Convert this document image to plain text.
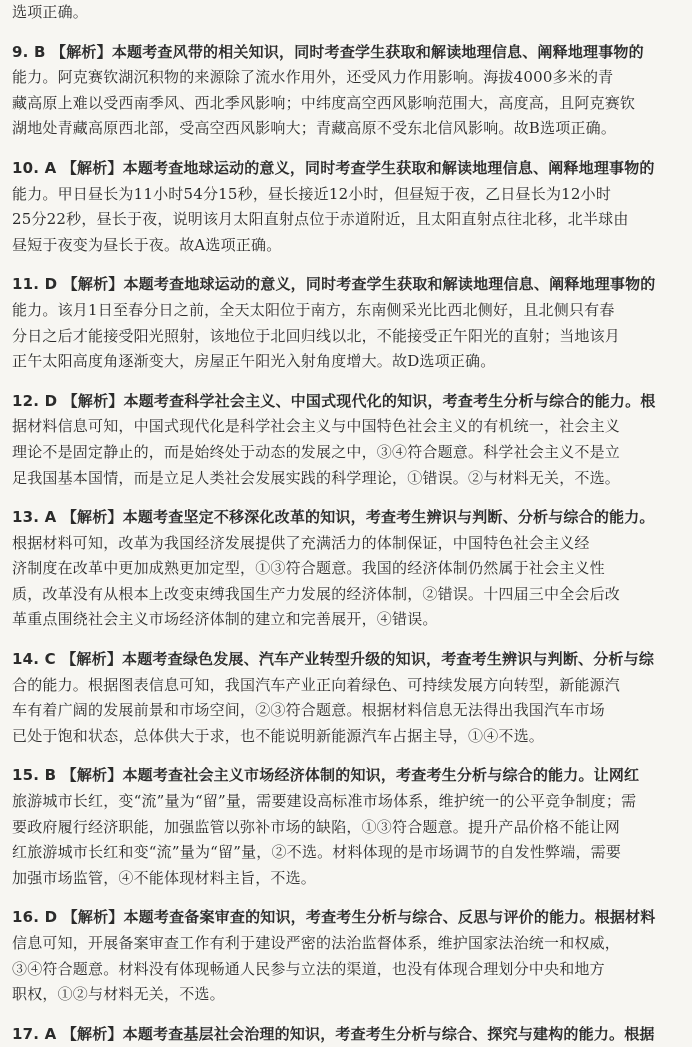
选项正确。
9. B 【解析】本题考查风带的相关知识，同时考查学生获取和解读地理信息、阐释地理事物的
能力。阿克赛钦湖沉积物的来源除了流水作用外，还受风力作用影响。海拔4000多米的青
藏高原上难以受西南季风、西北季风影响；中纬度高空西风影响范围大，高度高，且阿克赛钦
湖地处青藏高原西北部，受高空西风影响大；青藏高原不受东北信风影响。故B选项正确。
10. A 【解析】本题考查地球运动的意义，同时考查学生获取和解读地理信息、阐释地理事物的
能力。甲日昼长为11小时54分15秒，昼长接近12小时，但昼短于夜，乙日昼长为12小时
25分22秒，昼长于夜，说明该月太阳直射点位于赤道附近，且太阳直射点往北移，北半球由
昼短于夜变为昼长于夜。故A选项正确。
11. D 【解析】本题考查地球运动的意义，同时考查学生获取和解读地理信息、阐释地理事物的
能力。该月1日至春分日之前，全天太阳位于南方，东南侧采光比西北侧好，且北侧只有春
分日之后才能接受阳光照射，该地位于北回归线以北，不能接受正午阳光的直射；当地该月
正午太阳高度角逐渐变大，房屋正午阳光入射角度增大。故D选项正确。
12. D 【解析】本题考查科学社会主义、中国式现代化的知识，考查考生分析与综合的能力。根
据材料信息可知，中国式现代化是科学社会主义与中国特色社会主义的有机统一，社会主义
理论不是固定静止的，而是始终处于动态的发展之中，③④符合题意。科学社会主义不是立
足我国基本国情，而是立足人类社会发展实践的科学理论，①错误。②与材料无关，不选。
13. A 【解析】本题考查坚定不移深化改革的知识，考查考生辨识与判断、分析与综合的能力。
根据材料可知，改革为我国经济发展提供了充满活力的体制保证，中国特色社会主义经
济制度在改革中更加成熟更加定型，①③符合题意。我国的经济体制仍然属于社会主义性
质，改革没有从根本上改变束缚我国生产力发展的经济体制，②错误。十四届三中全会后改
革重点围绕社会主义市场经济体制的建立和完善展开，④错误。
14. C 【解析】本题考查绿色发展、汽车产业转型升级的知识，考查考生辨识与判断、分析与综
合的能力。根据图表信息可知，我国汽车产业正向着绿色、可持续发展方向转型，新能源汽
车有着广阔的发展前景和市场空间，②③符合题意。根据材料信息无法得出我国汽车市场
已处于饱和状态，总体供大于求，也不能说明新能源汽车占据主导，①④不选。
15. B 【解析】本题考查社会主义市场经济体制的知识，考查考生分析与综合的能力。让网红
旅游城市长红，变“流”量为“留”量，需要建设高标准市场体系，维护统一的公平竞争制度；需
要政府履行经济职能，加强监管以弥补市场的缺陷，①③符合题意。提升产品价格不能让网
红旅游城市长红和变“流”量为“留”量，②不选。材料体现的是市场调节的自发性弊端，需要
加强市场监管，④不能体现材料主旨，不选。
16. D 【解析】本题考查备案审查的知识，考查考生分析与综合、反思与评价的能力。根据材料
信息可知，开展备案审查工作有利于建设严密的法治监督体系，维护国家法治统一和权威，
③④符合题意。材料没有体现畅通人民参与立法的渠道，也没有体现合理划分中央和地方
职权，①②与材料无关，不选。
17. A 【解析】本题考查基层社会治理的知识，考查考生分析与综合、探究与建构的能力。根据
